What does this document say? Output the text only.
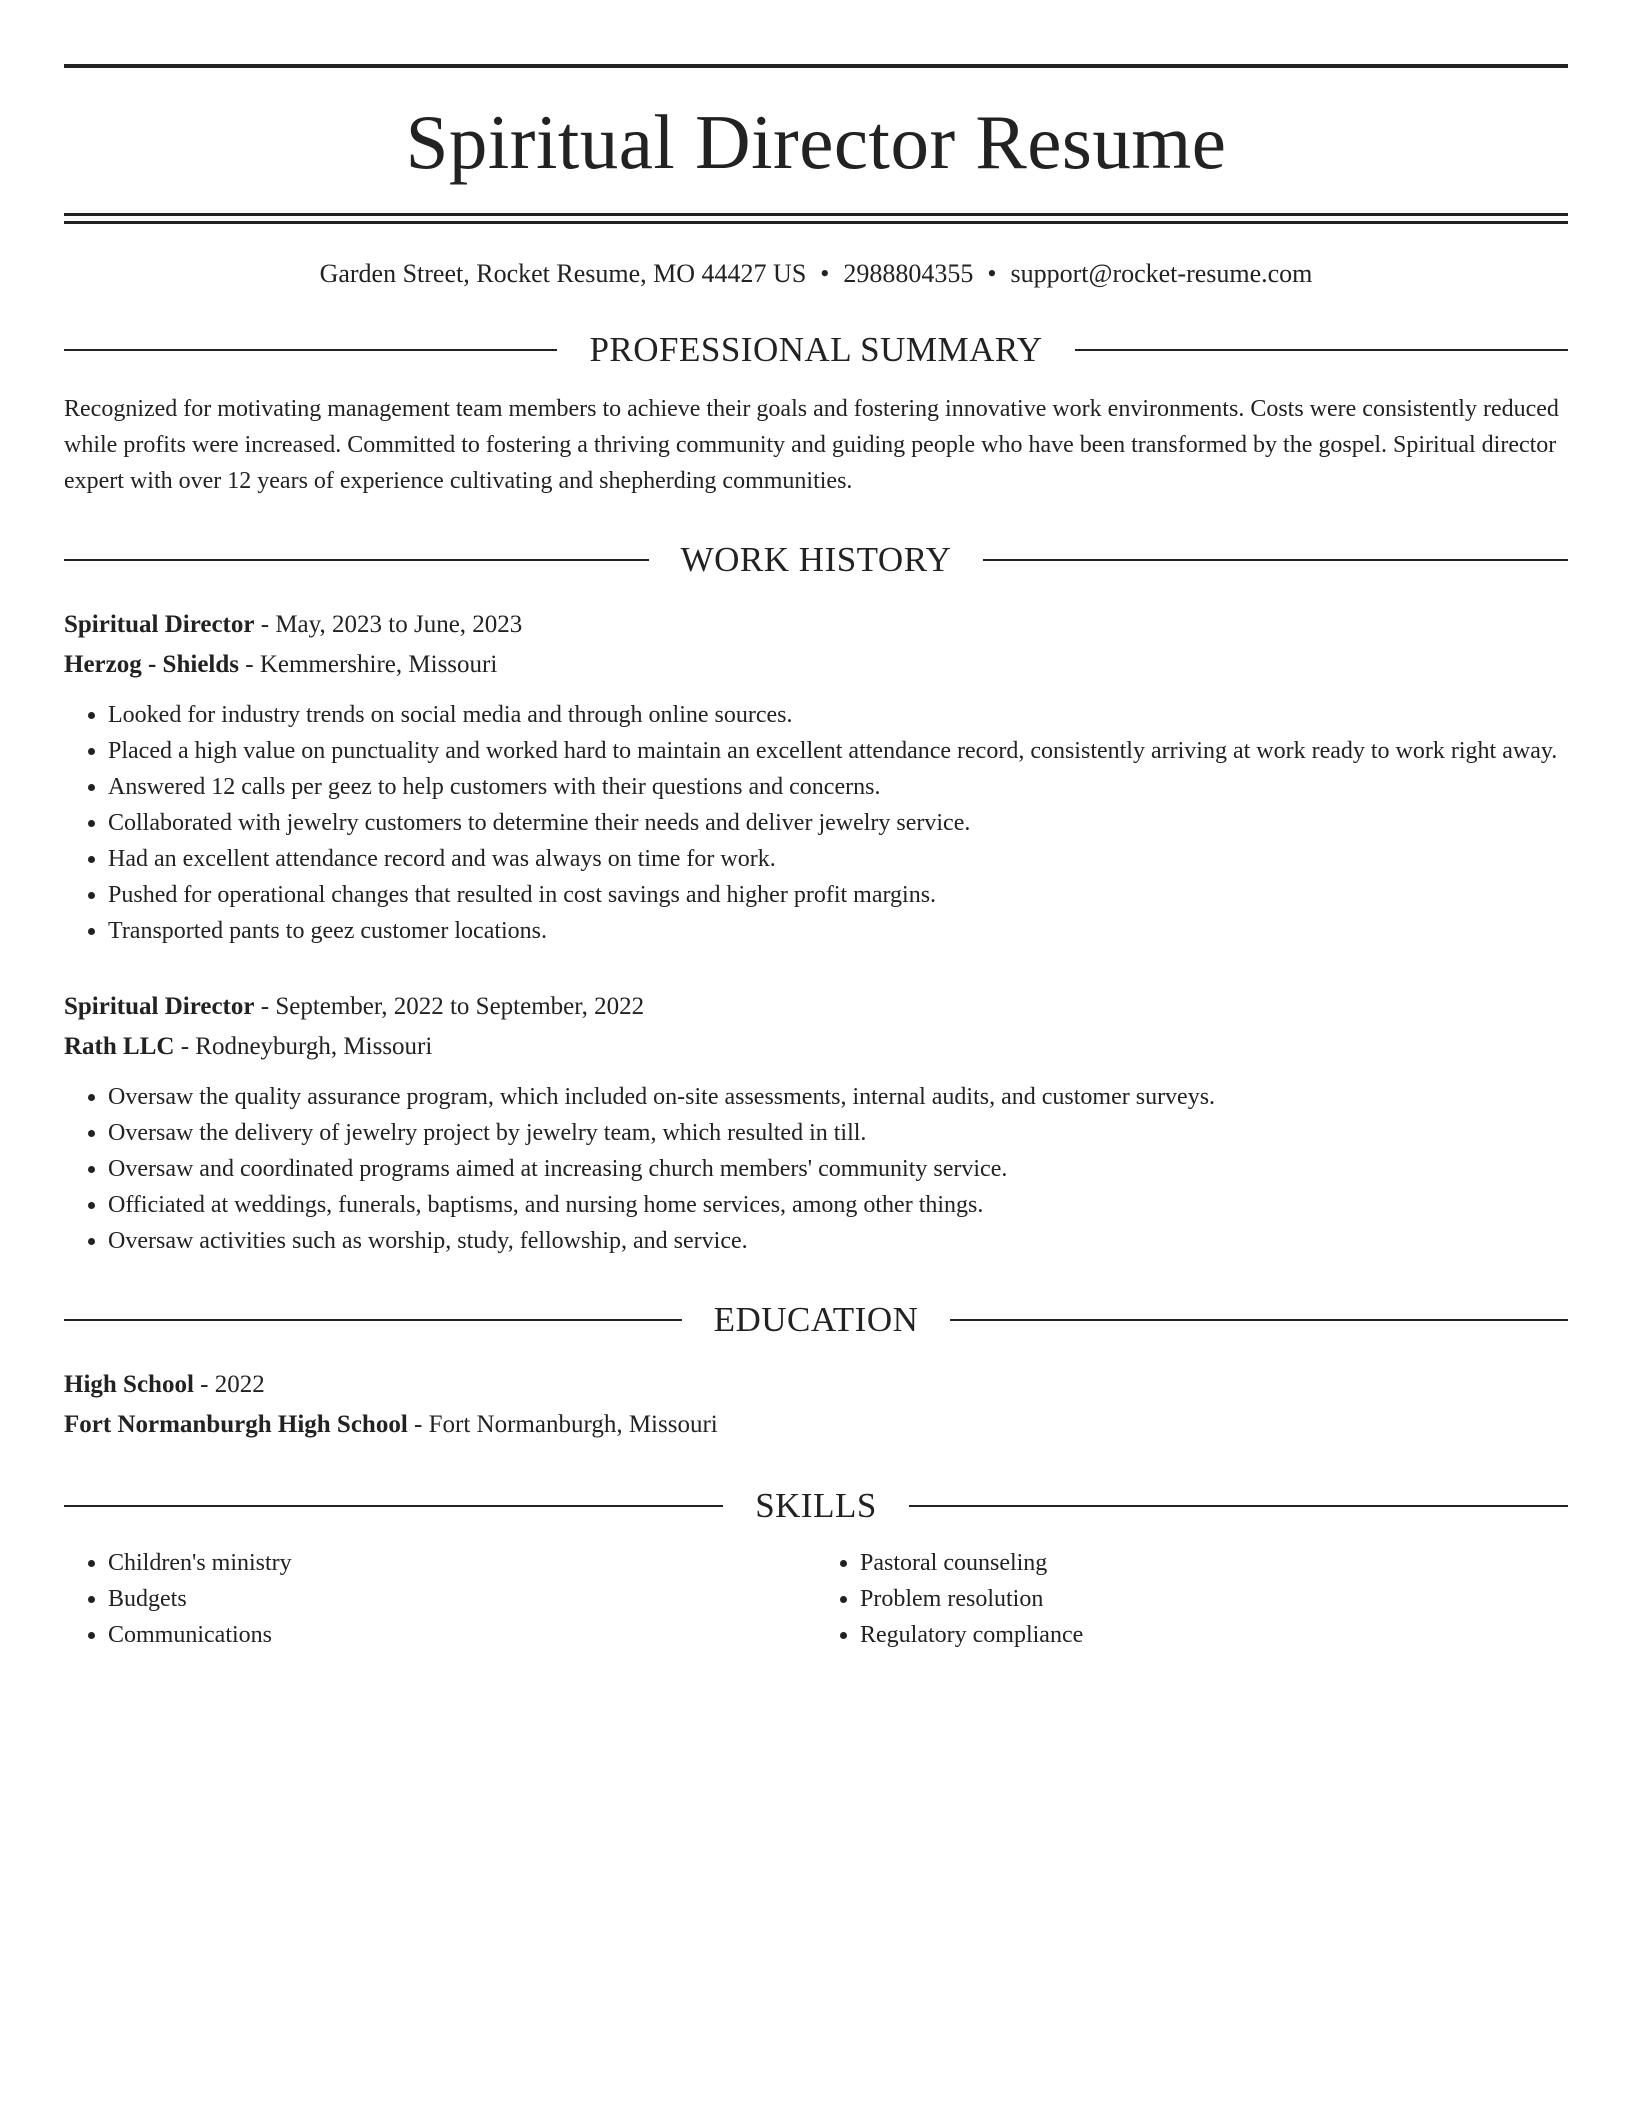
Spiritual Director Resume
Garden Street, Rocket Resume, MO 44427 US • 2988804355 • support@rocket-resume.com
PROFESSIONAL SUMMARY
Recognized for motivating management team members to achieve their goals and fostering innovative work environments. Costs were consistently reduced while profits were increased. Committed to fostering a thriving community and guiding people who have been transformed by the gospel. Spiritual director expert with over 12 years of experience cultivating and shepherding communities.
WORK HISTORY
Spiritual Director - May, 2023 to June, 2023
Herzog - Shields - Kemmershire, Missouri
• Looked for industry trends on social media and through online sources.
• Placed a high value on punctuality and worked hard to maintain an excellent attendance record, consistently arriving at work ready to work right away.
• Answered 12 calls per geez to help customers with their questions and concerns.
• Collaborated with jewelry customers to determine their needs and deliver jewelry service.
• Had an excellent attendance record and was always on time for work.
• Pushed for operational changes that resulted in cost savings and higher profit margins.
• Transported pants to geez customer locations.
Spiritual Director - September, 2022 to September, 2022
Rath LLC - Rodneyburgh, Missouri
• Oversaw the quality assurance program, which included on-site assessments, internal audits, and customer surveys.
• Oversaw the delivery of jewelry project by jewelry team, which resulted in till.
• Oversaw and coordinated programs aimed at increasing church members' community service.
• Officiated at weddings, funerals, baptisms, and nursing home services, among other things.
• Oversaw activities such as worship, study, fellowship, and service.
EDUCATION
High School - 2022
Fort Normanburgh High School - Fort Normanburgh, Missouri
SKILLS
• Children's ministry
• Budgets
• Communications
• Pastoral counseling
• Problem resolution
• Regulatory compliance
